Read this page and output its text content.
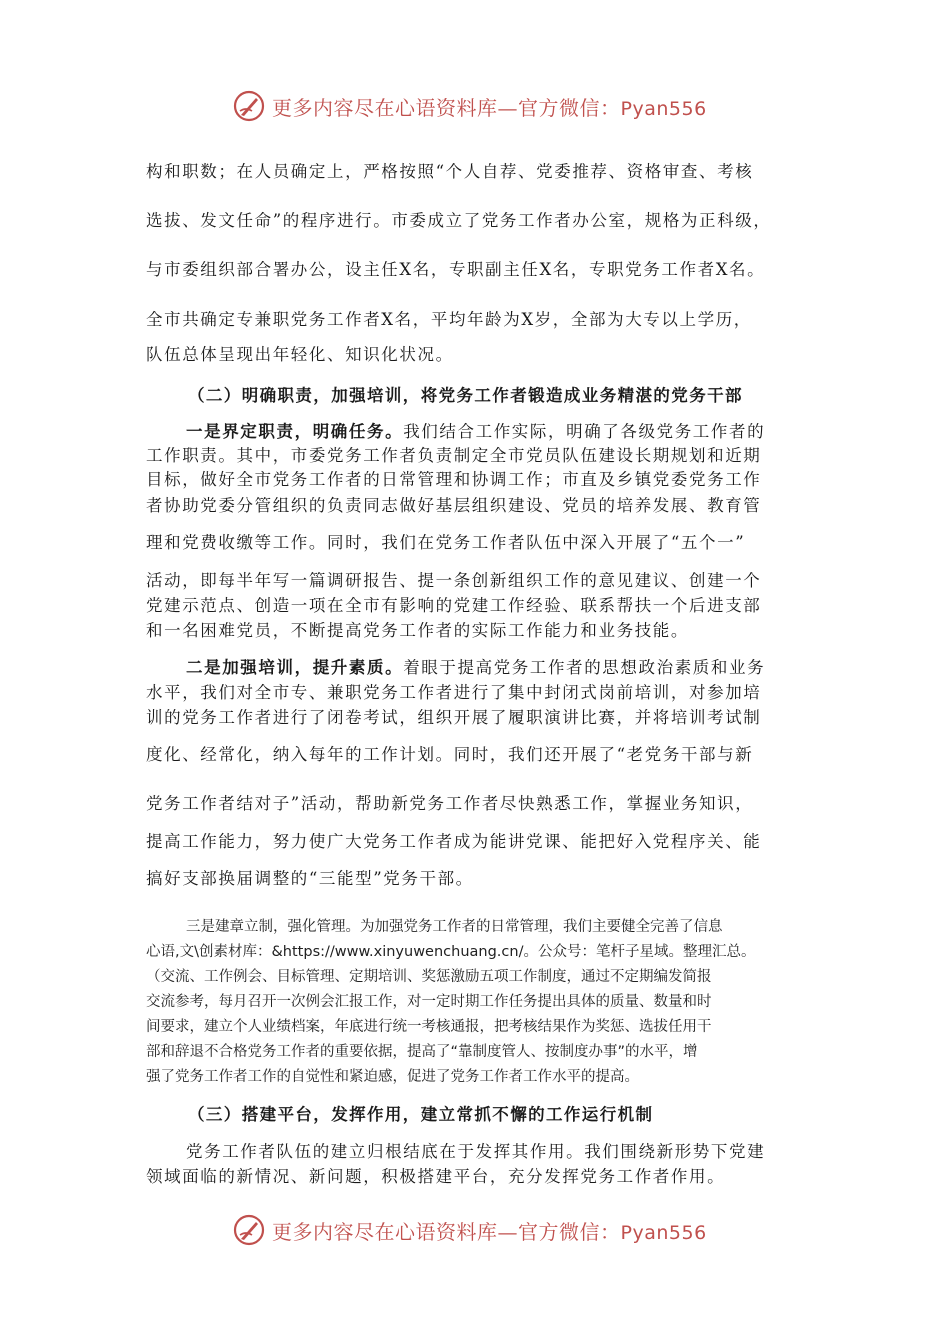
更多内容尽在心语资料库—官方微信：Pyan556
构和职数；在人员确定上，严格按照“个人自荐、党委推荐、资格审查、考核
选拔、发文任命”的程序进行。市委成立了党务工作者办公室，规格为正科级，
与市委组织部合署办公，设主任X名，专职副主任X名，专职党务工作者X名。
全市共确定专兼职党务工作者X名，平均年龄为X岁，全部为大专以上学历，
队伍总体呈现出年轻化、知识化状况。
（二）明确职责，加强培训，将党务工作者锻造成业务精湛的党务干部
一是界定职责，明确任务。我们结合工作实际，明确了各级党务工作者的
工作职责。其中，市委党务工作者负责制定全市党员队伍建设长期规划和近期
目标，做好全市党务工作者的日常管理和协调工作；市直及乡镇党委党务工作
者协助党委分管组织的负责同志做好基层组织建设、党员的培养发展、教育管
理和党费收缴等工作。同时，我们在党务工作者队伍中深入开展了“五个一”
活动，即每半年写一篇调研报告、提一条创新组织工作的意见建议、创建一个
党建示范点、创造一项在全市有影响的党建工作经验、联系帮扶一个后进支部
和一名困难党员，不断提高党务工作者的实际工作能力和业务技能。
二是加强培训，提升素质。着眼于提高党务工作者的思想政治素质和业务
水平，我们对全市专、兼职党务工作者进行了集中封闭式岗前培训，对参加培
训的党务工作者进行了闭卷考试，组织开展了履职演讲比赛，并将培训考试制
度化、经常化，纳入每年的工作计划。同时，我们还开展了“老党务干部与新
党务工作者结对子”活动，帮助新党务工作者尽快熟悉工作，掌握业务知识，
提高工作能力，努力使广大党务工作者成为能讲党课、能把好入党程序关、能
搞好支部换届调整的“三能型”党务干部。
三是建章立制，强化管理。为加强党务工作者的日常管理，我们主要健全完善了信息
心语,文\创素材库：&https://www.xinyuwenchuang.cn/。公众号：笔杆子星域。整理汇总。
（交流、工作例会、目标管理、定期培训、奖惩激励五项工作制度，通过不定期编发简报
交流参考，每月召开一次例会汇报工作，对一定时期工作任务提出具体的质量、数量和时
间要求，建立个人业绩档案，年底进行统一考核通报，把考核结果作为奖惩、选拔任用干
部和辞退不合格党务工作者的重要依据，提高了“靠制度管人、按制度办事”的水平，增
强了党务工作者工作的自觉性和紧迫感，促进了党务工作者工作水平的提高。
（三）搭建平台，发挥作用，建立常抓不懈的工作运行机制
党务工作者队伍的建立归根结底在于发挥其作用。我们围绕新形势下党建
领域面临的新情况、新问题，积极搭建平台，充分发挥党务工作者作用。
更多内容尽在心语资料库—官方微信：Pyan556
